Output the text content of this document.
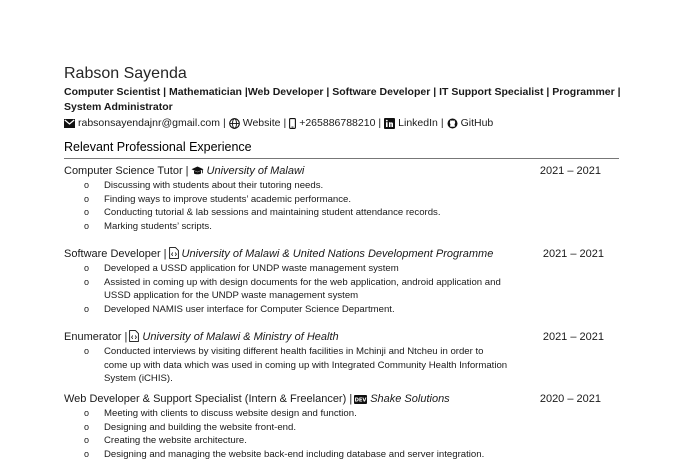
Rabson Sayenda
Computer Scientist | Mathematician |Web Developer | Software Developer | IT Support Specialist | Programmer | System Administrator
rabsonsayendajnr@gmail.com | Website | +265886788210 | LinkedIn | GitHub
Relevant Professional Experience
Computer Science Tutor | University of Malawi	2021 – 2021
o Discussing with students about their tutoring needs.
o Finding ways to improve students’ academic performance.
o Conducting tutorial & lab sessions and maintaining student attendance records.
o Marking students’ scripts.
Software Developer | University of Malawi & United Nations Development Programme	2021 – 2021
o Developed a USSD application for UNDP waste management system
o Assisted in coming up with design documents for the web application, android application and USSD application for the UNDP waste management system
o Developed NAMIS user interface for Computer Science Department.
Enumerator | University of Malawi & Ministry of Health	2021 – 2021
o Conducted interviews by visiting different health facilities in Mchinji and Ntcheu in order to come up with data which was used in coming up with Integrated Community Health Information System (iCHIS).
Web Developer & Support Specialist (Intern & Freelancer) | DEV Shake Solutions	2020 – 2021
o Meeting with clients to discuss website design and function.
o Designing and building the website front-end.
o Creating the website architecture.
o Designing and managing the website back-end including database and server integration.
